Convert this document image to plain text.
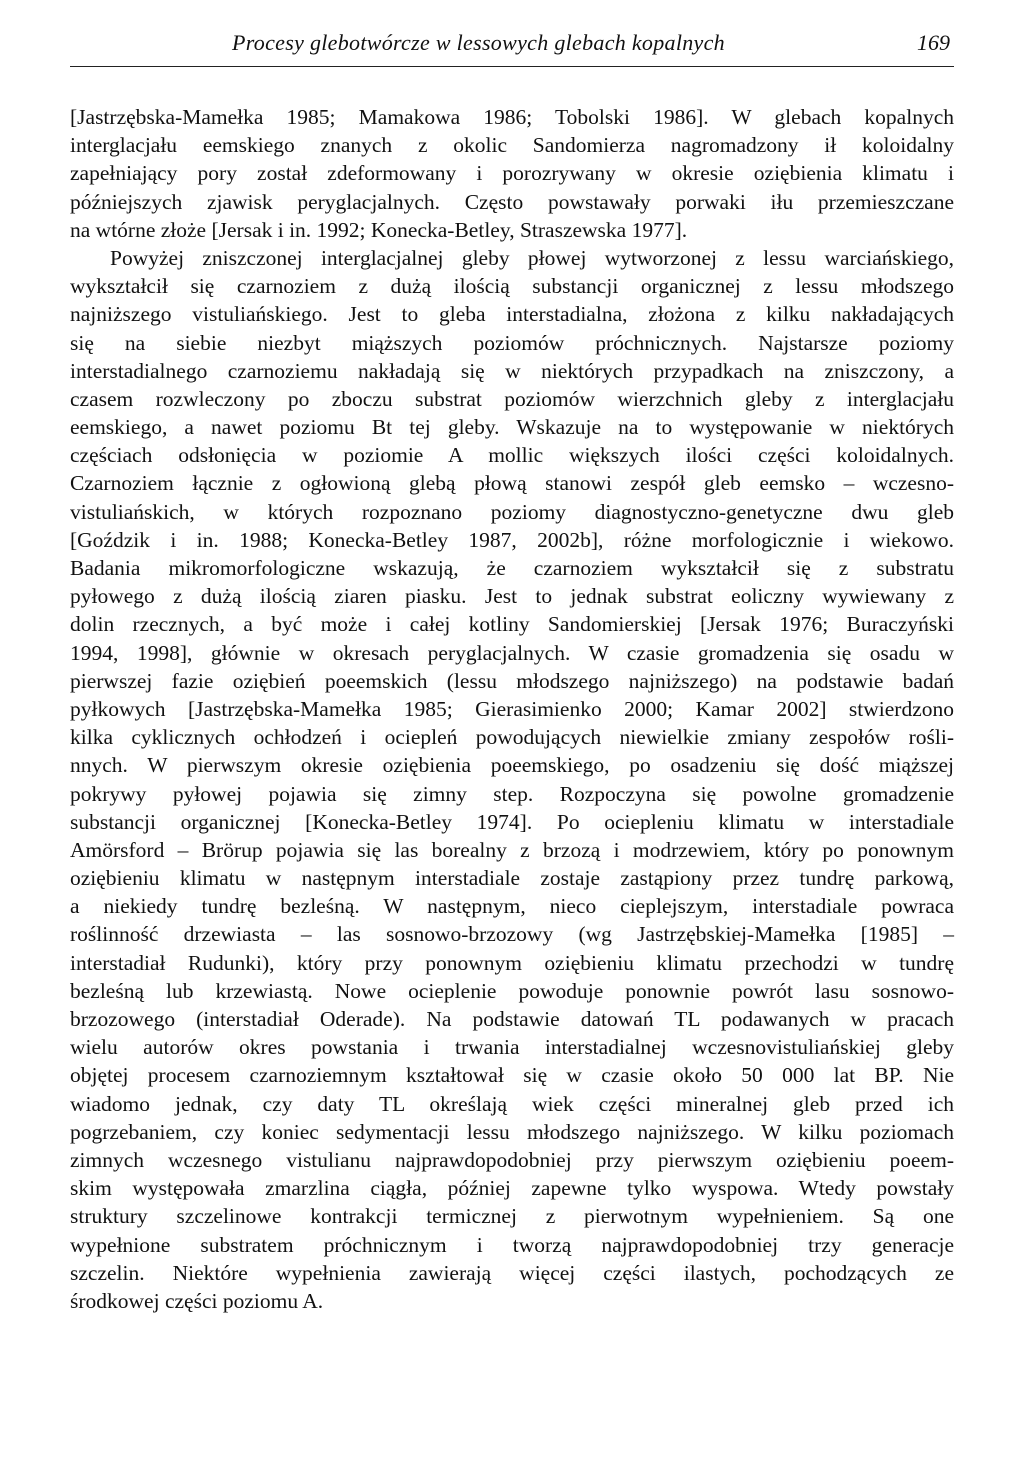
Procesy glebotwórcze w lessowych glebach kopalnych	169

[Jastrzębska-Mamełka 1985; Mamakowa 1986; Tobolski 1986]. W glebach kopalnych
interglacjału eemskiego znanych z okolic Sandomierza nagromadzony ił koloidalny
zapełniający pory został zdeformowany i porozrywany w okresie oziębienia klimatu i
późniejszych zjawisk peryglacjalnych. Często powstawały porwaki iłu przemieszczane
na wtórne złoże [Jersak i in. 1992; Konecka-Betley, Straszewska 1977].

Powyżej zniszczonej interglacjalnej gleby płowej wytworzonej z lessu warciańskiego,
wykształcił się czarnoziem z dużą ilością substancji organicznej z lessu młodszego
najniższego vistuliańskiego. Jest to gleba interstadialna, złożona z kilku nakładających
się na siebie niezbyt miąższych poziomów próchnicznych. Najstarsze poziomy
interstadialnego czarnoziemu nakładają się w niektórych przypadkach na zniszczony, a
czasem rozwleczony po zboczu substrat poziomów wierzchnich gleby z interglacjału
eemskiego, a nawet poziomu Bt tej gleby. Wskazuje na to występowanie w niektórych
częściach odsłonięcia w poziomie A mollic większych ilości części koloidalnych.
Czarnoziem łącznie z ogłowioną glebą płową stanowi zespół gleb eemsko – wczesno-
vistuliańskich, w których rozpoznano poziomy diagnostyczno-genetyczne dwu gleb
[Goździk i in. 1988; Konecka-Betley 1987, 2002b], różne morfologicznie i wiekowo.
Badania mikromorfologiczne wskazują, że czarnoziem wykształcił się z substratu
pyłowego z dużą ilością ziaren piasku. Jest to jednak substrat eoliczny wywiewany z
dolin rzecznych, a być może i całej kotliny Sandomierskiej [Jersak 1976; Buraczyński
1994, 1998], głównie w okresach peryglacjalnych. W czasie gromadzenia się osadu w
pierwszej fazie oziębień poeemskich (lessu młodszego najniższego) na podstawie badań
pyłkowych [Jastrzębska-Mamełka 1985; Gierasimienko 2000; Kamar 2002] stwierdzono
kilka cyklicznych ochłodzeń i ociepleń powodujących niewielkie zmiany zespołów rośli-
nnych. W pierwszym okresie oziębienia poeemskiego, po osadzeniu się dość miąższej
pokrywy pyłowej pojawia się zimny step. Rozpoczyna się powolne gromadzenie
substancji organicznej [Konecka-Betley 1974]. Po ociepleniu klimatu w interstadiale
Amörsford – Brörup pojawia się las borealny z brzozą i modrzewiem, który po ponownym
oziębieniu klimatu w następnym interstadiale zostaje zastąpiony przez tundrę parkową,
a niekiedy tundrę bezleśną. W następnym, nieco cieplejszym, interstadiale powraca
roślinność drzewiasta – las sosnowo-brzozowy (wg Jastrzębskiej-Mamełka [1985] –
interstadiał Rudunki), który przy ponownym oziębieniu klimatu przechodzi w tundrę
bezleśną lub krzewiastą. Nowe ocieplenie powoduje ponownie powrót lasu sosnowo-
brzozowego (interstadiał Oderade). Na podstawie datowań TL podawanych w pracach
wielu autorów okres powstania i trwania interstadialnej wczesnovistuliańskiej gleby
objętej procesem czarnoziemnym kształtował się w czasie około 50 000 lat BP. Nie
wiadomo jednak, czy daty TL określają wiek części mineralnej gleb przed ich
pogrzebaniem, czy koniec sedymentacji lessu młodszego najniższego. W kilku poziomach
zimnych wczesnego vistulianu najprawdopodobniej przy pierwszym oziębieniu poeem-
skim występowała zmarzlina ciągła, później zapewne tylko wyspowa. Wtedy powstały
struktury szczelinowe kontrakcji termicznej z pierwotnym wypełnieniem. Są one
wypełnione substratem próchnicznym i tworzą najprawdopodobniej trzy generacje
szczelin. Niektóre wypełnienia zawierają więcej części ilastych, pochodzących ze
środkowej części poziomu A.
